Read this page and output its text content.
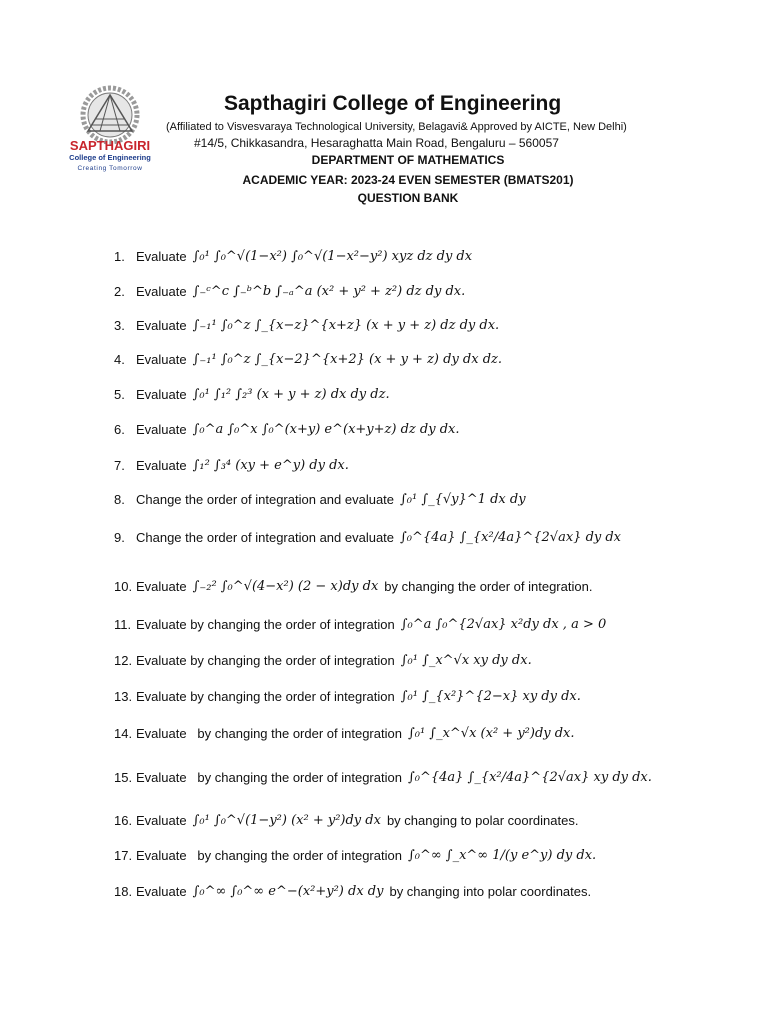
SAPTHAGIRI
College of Engineering
Creating Tomorrow
Sapthagiri College of Engineering
(Affiliated to Visvesvaraya Technological University, Belagavi& Approved by AICTE, New Delhi)
#14/5, Chikkasandra, Hesaraghatta Main Road, Bengaluru – 560057
DEPARTMENT OF MATHEMATICS
ACADEMIC YEAR: 2023-24 EVEN SEMESTER (BMATS201)
QUESTION BANK
1. Evaluate ∫₀¹ ∫₀^√(1−x²) ∫₀^√(1−x²−y²) xyz dz dy dx
2. Evaluate ∫₋ᶜ^c ∫₋ᵇ^b ∫₋ₐ^a (x² + y² + z²) dz dy dx.
3. Evaluate ∫₋₁¹ ∫₀^z ∫_{x−z}^{x+z} (x + y + z) dz dy dx.
4. Evaluate ∫₋₁¹ ∫₀^z ∫_{x−2}^{x+2} (x + y + z) dy dx dz.
5. Evaluate ∫₀¹ ∫₁² ∫₂³ (x + y + z) dx dy dz.
6. Evaluate ∫₀^a ∫₀^x ∫₀^(x+y) e^(x+y+z) dz dy dx.
7. Evaluate ∫₁² ∫₃⁴ (xy + e^y) dy dx.
8. Change the order of integration and evaluate ∫₀¹ ∫_{√y}^1 dx dy
9. Change the order of integration and evaluate ∫₀^{4a} ∫_{x²/4a}^{2√ax} dy dx
10. Evaluate ∫₋₂² ∫₀^√(4−x²) (2 − x)dy dx by changing the order of integration.
11. Evaluate by changing the order of integration ∫₀^a ∫₀^{2√ax} x²dy dx , a > 0
12. Evaluate by changing the order of integration ∫₀¹ ∫_x^√x xy dy dx.
13. Evaluate by changing the order of integration ∫₀¹ ∫_{x²}^{2−x} xy dy dx.
14. Evaluate   by changing the order of integration ∫₀¹ ∫_x^√x (x² + y²)dy dx.
15. Evaluate   by changing the order of integration ∫₀^{4a} ∫_{x²/4a}^{2√ax} xy dy dx.
16. Evaluate ∫₀¹ ∫₀^√(1−y²) (x² + y²)dy dx by changing to polar coordinates.
17. Evaluate   by changing the order of integration ∫₀^∞ ∫_x^∞ 1/(y e^y) dy dx.
18. Evaluate ∫₀^∞ ∫₀^∞ e^−(x²+y²) dx dy by changing into polar coordinates.
